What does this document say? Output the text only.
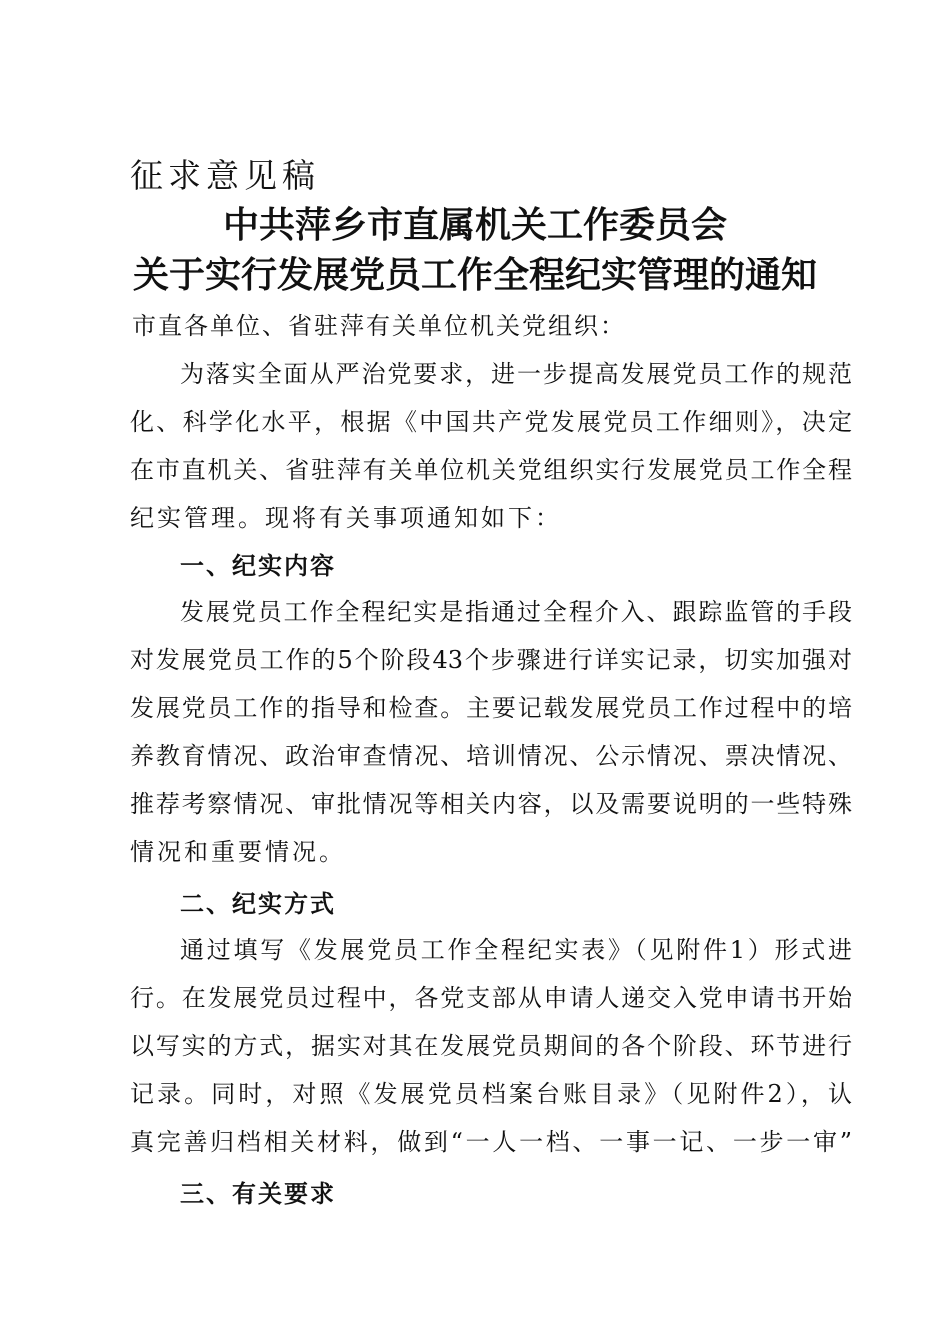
征求意见稿
中共萍乡市直属机关工作委员会
关于实行发展党员工作全程纪实管理的通知
市直各单位、省驻萍有关单位机关党组织：
为落实全面从严治党要求，进一步提高发展党员工作的规范
化、科学化水平，根据《中国共产党发展党员工作细则》，决定
在市直机关、省驻萍有关单位机关党组织实行发展党员工作全程
纪实管理。现将有关事项通知如下：
一、纪实内容
发展党员工作全程纪实是指通过全程介入、跟踪监管的手段
对发展党员工作的5个阶段43个步骤进行详实记录，切实加强对
发展党员工作的指导和检查。主要记载发展党员工作过程中的培
养教育情况、政治审查情况、培训情况、公示情况、票决情况、
推荐考察情况、审批情况等相关内容，以及需要说明的一些特殊
情况和重要情况。
二、纪实方式
通过填写《发展党员工作全程纪实表》（见附件1）形式进
行。在发展党员过程中，各党支部从申请人递交入党申请书开始
以写实的方式，据实对其在发展党员期间的各个阶段、环节进行
记录。同时，对照《发展党员档案台账目录》（见附件2），认
真完善归档相关材料，做到“一人一档、一事一记、一步一审”
三、有关要求
